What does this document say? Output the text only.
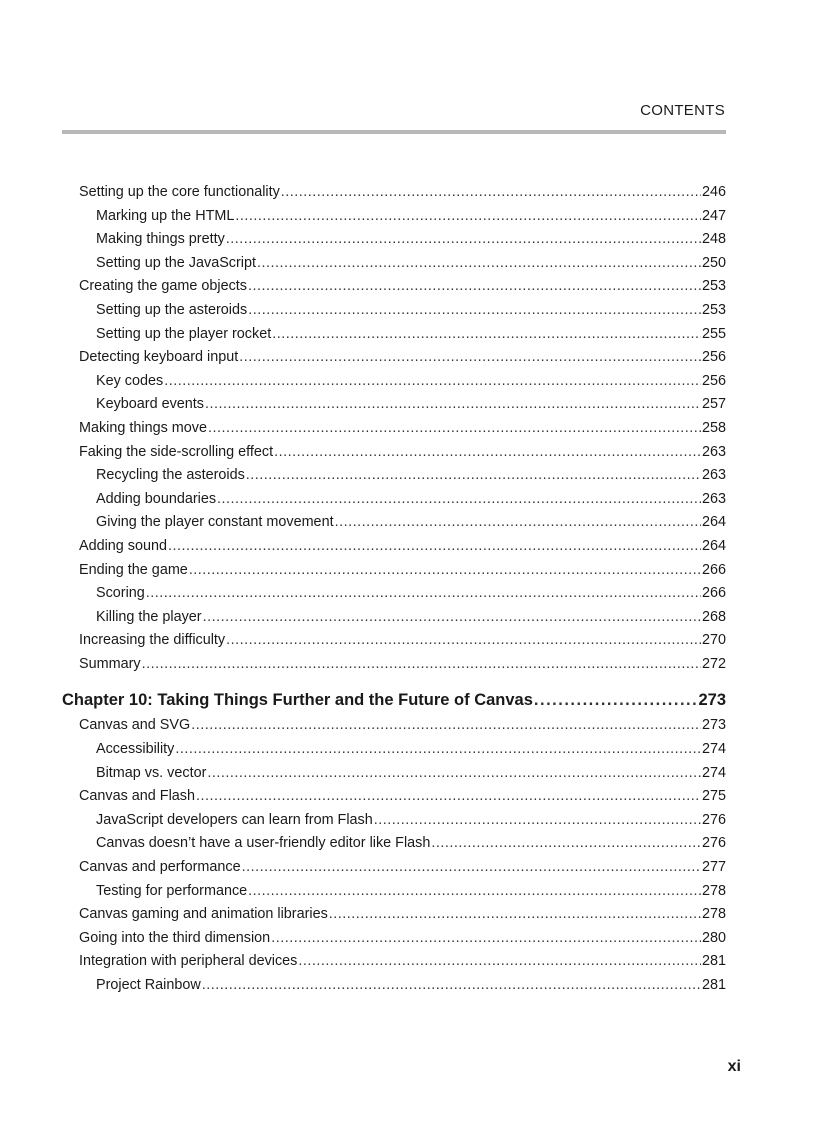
CONTENTS
Setting up the core functionality .....	246
Marking up the HTML .....	247
Making things pretty .....	248
Setting up the JavaScript .....	250
Creating the game objects .....	253
Setting up the asteroids .....	253
Setting up the player rocket .....	255
Detecting keyboard input .....	256
Key codes .....	256
Keyboard events .....	257
Making things move .....	258
Faking the side-scrolling effect .....	263
Recycling the asteroids .....	263
Adding boundaries .....	263
Giving the player constant movement .....	264
Adding sound .....	264
Ending the game .....	266
Scoring .....	266
Killing the player .....	268
Increasing the difficulty .....	270
Summary .....	272
Chapter 10: Taking Things Further and the Future of Canvas .....	273
Canvas and SVG .....	273
Accessibility .....	274
Bitmap vs. vector .....	274
Canvas and Flash .....	275
JavaScript developers can learn from Flash .....	276
Canvas doesn’t have a user-friendly editor like Flash .....	276
Canvas and performance .....	277
Testing for performance .....	278
Canvas gaming and animation libraries .....	278
Going into the third dimension .....	280
Integration with peripheral devices .....	281
Project Rainbow .....	281
xi
